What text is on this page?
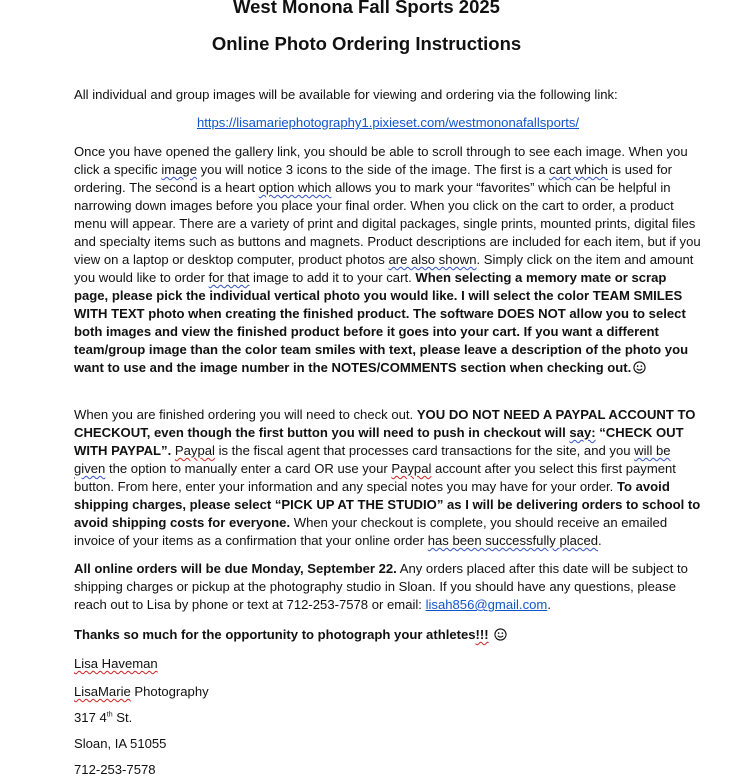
West Monona Fall Sports 2025
Online Photo Ordering Instructions

All individual and group images will be available for viewing and ordering via the following link:

https://lisamariephotography1.pixieset.com/westmononafallsports/

Once you have opened the gallery link, you should be able to scroll through to see each image. When you click a specific image you will notice 3 icons to the side of the image. The first is a cart which is used for ordering. The second is a heart option which allows you to mark your “favorites” which can be helpful in narrowing down images before you place your final order. When you click on the cart to order, a product menu will appear. There are a variety of print and digital packages, single prints, mounted prints, digital files and specialty items such as buttons and magnets. Product descriptions are included for each item, but if you view on a laptop or desktop computer, product photos are also shown. Simply click on the item and amount you would like to order for that image to add it to your cart. When selecting a memory mate or scrap page, please pick the individual vertical photo you would like. I will select the color TEAM SMILES WITH TEXT photo when creating the finished product. The software DOES NOT allow you to select both images and view the finished product before it goes into your cart. If you want a different team/group image than the color team smiles with text, please leave a description of the photo you want to use and the image number in the NOTES/COMMENTS section when checking out.

When you are finished ordering you will need to check out. YOU DO NOT NEED A PAYPAL ACCOUNT TO CHECKOUT, even though the first button you will need to push in checkout will say: “CHECK OUT WITH PAYPAL”. Paypal is the fiscal agent that processes card transactions for the site, and you will be given the option to manually enter a card OR use your Paypal account after you select this first payment button. From here, enter your information and any special notes you may have for your order. To avoid shipping charges, please select “PICK UP AT THE STUDIO” as I will be delivering orders to school to avoid shipping costs for everyone. When your checkout is complete, you should receive an emailed invoice of your items as a confirmation that your online order has been successfully placed.

All online orders will be due Monday, September 22. Any orders placed after this date will be subject to shipping charges or pickup at the photography studio in Sloan. If you should have any questions, please reach out to Lisa by phone or text at 712-253-7578 or email: lisah856@gmail.com.

Thanks so much for the opportunity to photograph your athletes!!!

Lisa Haveman
LisaMarie Photography
317 4th St.
Sloan, IA 51055
712-253-7578
